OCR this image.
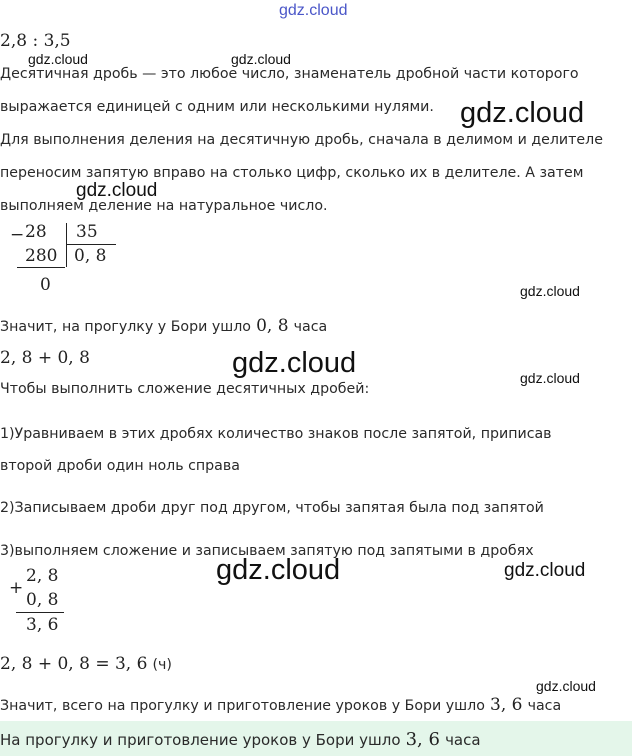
gdz.cloud
2,8 : 3,5
gdz.cloud	gdz.cloud
Десятичная дробь — это любое число, знаменатель дробной части которого
выражается единицей с одним или несколькими нулями. gdz.cloud
Для выполнения деления на десятичную дробь, сначала в делимом и делителе
переносим запятую вправо на столько цифр, сколько их в делителе. А затем
gdz.cloud
выполняем деление на натуральное число.
− 28 35
280 0, 8
0	gdz.cloud
Значит, на прогулку у Бори ушло 0, 8 часа
2, 8 + 0, 8	gdz.cloud
Чтобы выполнить сложение десятичных дробей:
gdz.cloud
1)Уравниваем в этих дробях количество знаков после запятой, приписав
второй дроби один ноль справа
2)Записываем дроби друг под другом, чтобы запятая была под запятой
3)выполняем сложение и записываем запятую под запятыми в дробях
+
2, 8
0, 8
3, 6
gdz.cloud	gdz.cloud
2, 8 + 0, 8 = 3, 6 (ч)
gdz.cloud
Значит, всего на прогулку и приготовление уроков у Бори ушло 3, 6 часа
На прогулку и приготовление уроков у Бори ушло 3, 6 часа
